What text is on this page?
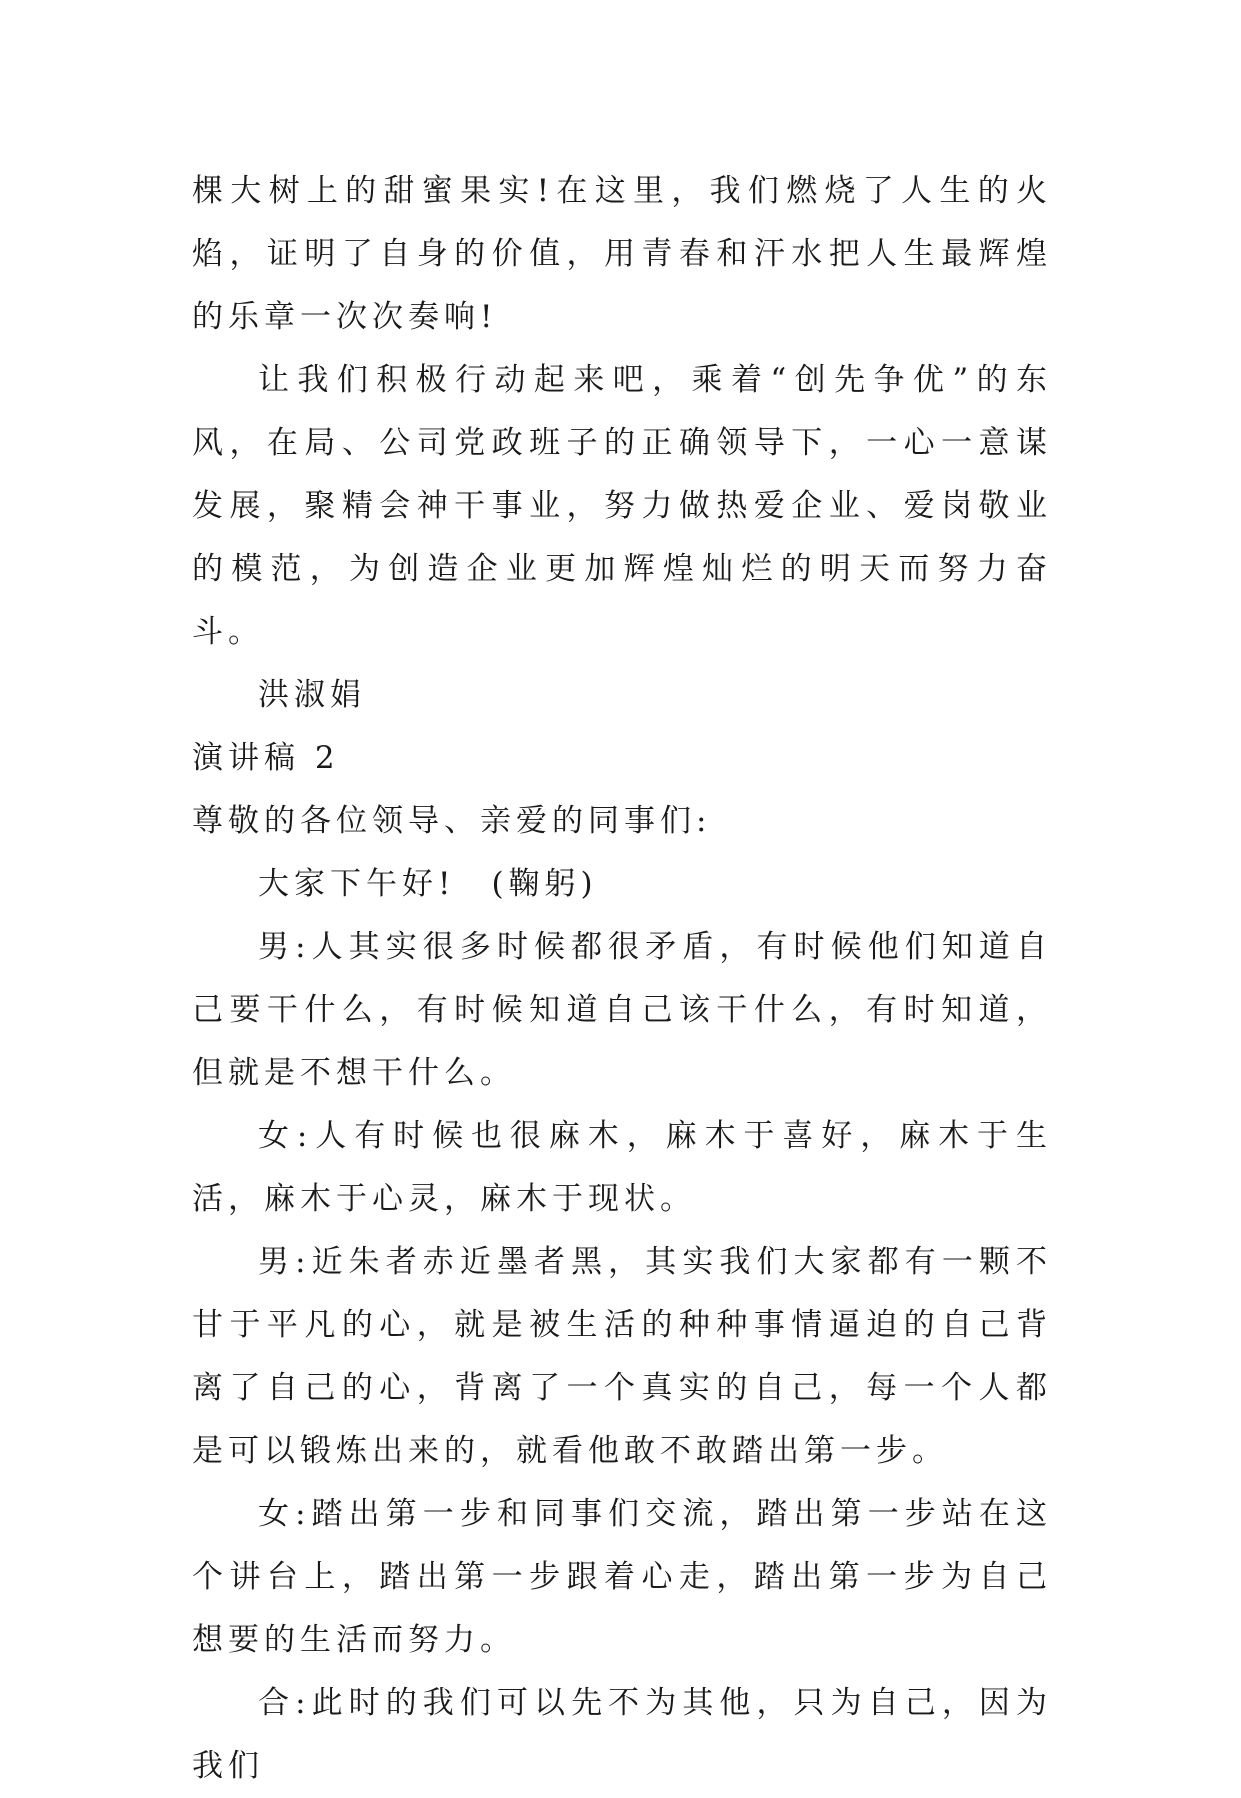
棵大树上的甜蜜果实!在这里，我们燃烧了人生的火焰，证明了自身的价值，用青春和汗水把人生最辉煌的乐章一次次奏响!

让我们积极行动起来吧，乘着“创先争优”的东风，在局、公司党政班子的正确领导下，一心一意谋发展，聚精会神干事业，努力做热爱企业、爱岗敬业的模范，为创造企业更加辉煌灿烂的明天而努力奋斗。

洪淑娟

演讲稿 2

尊敬的各位领导、亲爱的同事们:

大家下午好!　(鞠躬)

男:人其实很多时候都很矛盾，有时候他们知道自己要干什么，有时候知道自己该干什么，有时知道，但就是不想干什么。

女:人有时候也很麻木，麻木于喜好，麻木于生活，麻木于心灵，麻木于现状。

男:近朱者赤近墨者黑，其实我们大家都有一颗不甘于平凡的心，就是被生活的种种事情逼迫的自己背离了自己的心，背离了一个真实的自己，每一个人都是可以锻炼出来的，就看他敢不敢踏出第一步。

女:踏出第一步和同事们交流，踏出第一步站在这个讲台上，踏出第一步跟着心走，踏出第一步为自己想要的生活而努力。

合:此时的我们可以先不为其他，只为自己，因为我们
